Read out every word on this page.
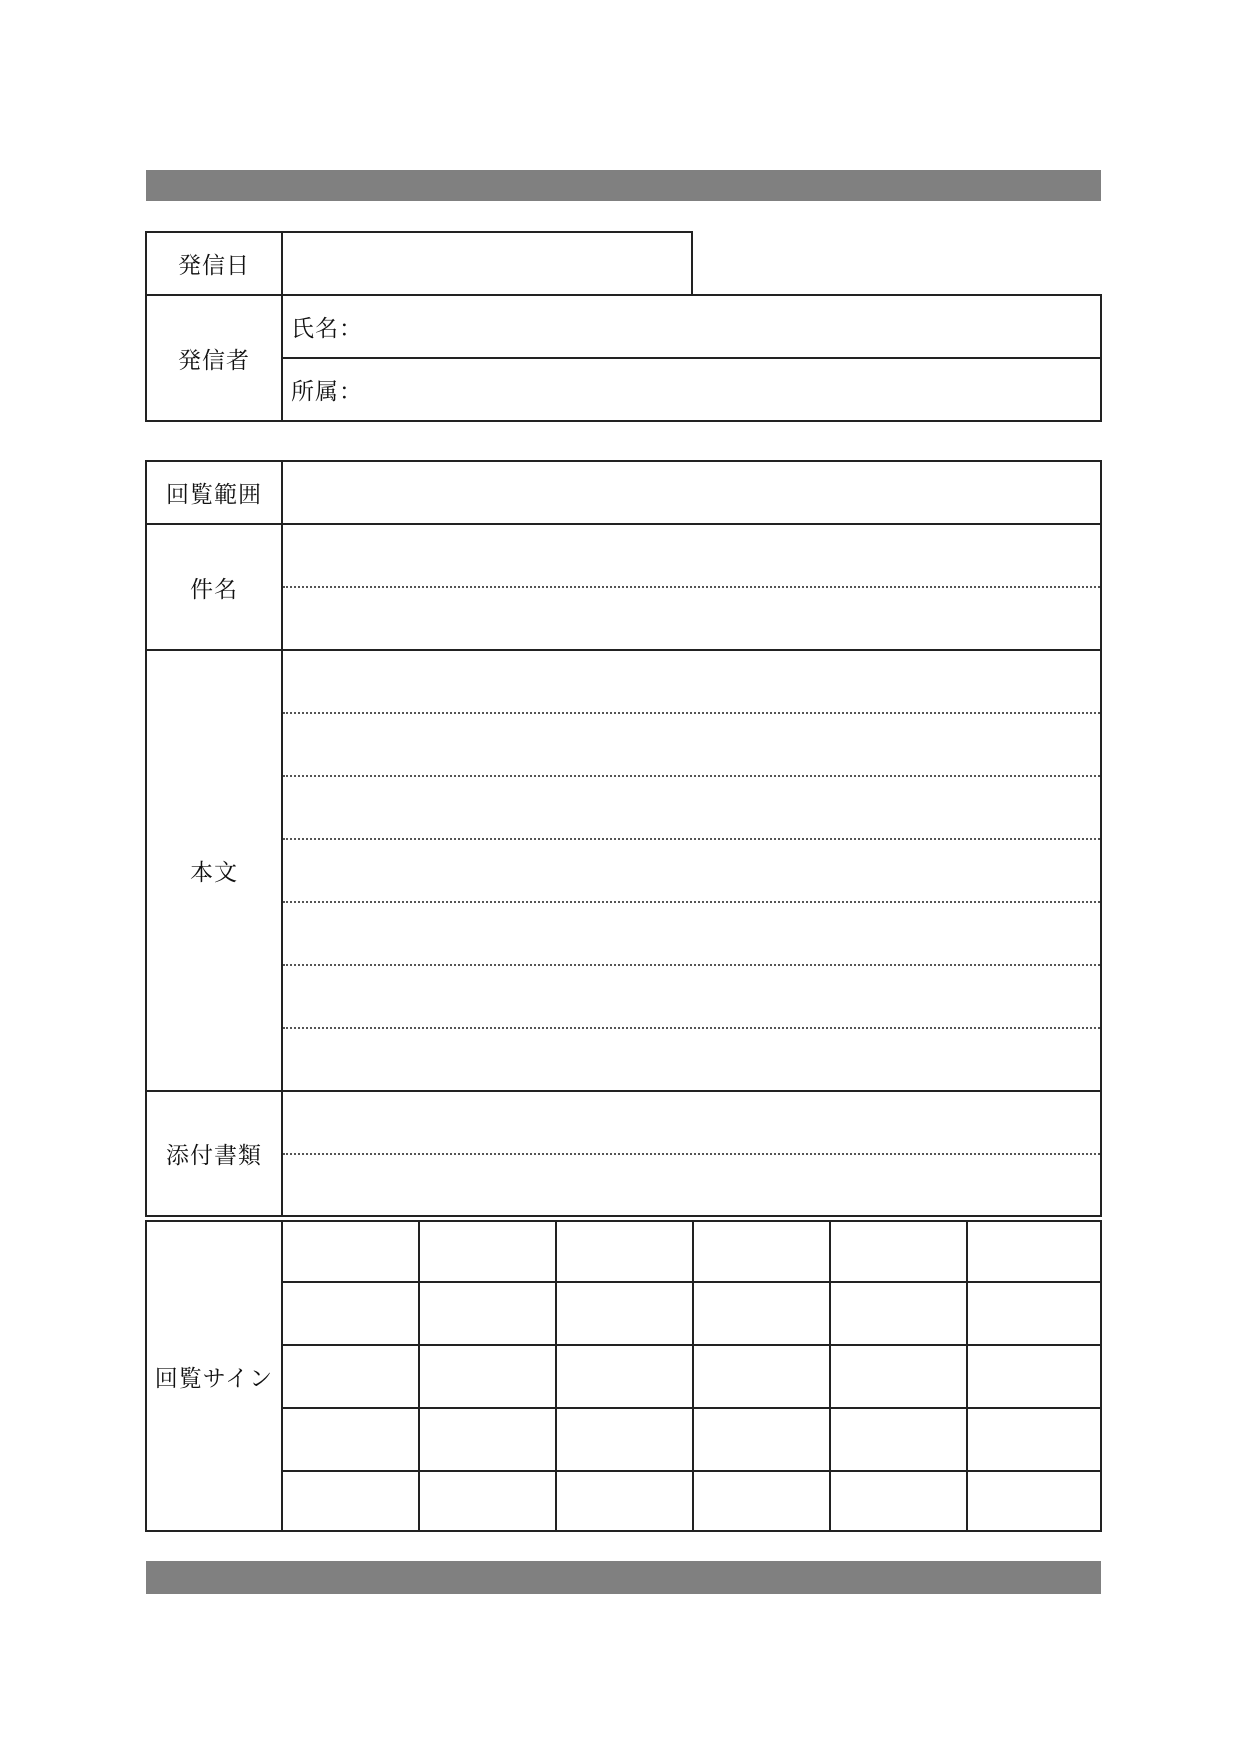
発信日
発信者
氏名：
所属：
回覧範囲
件名
本文
添付書類
回覧サイン
